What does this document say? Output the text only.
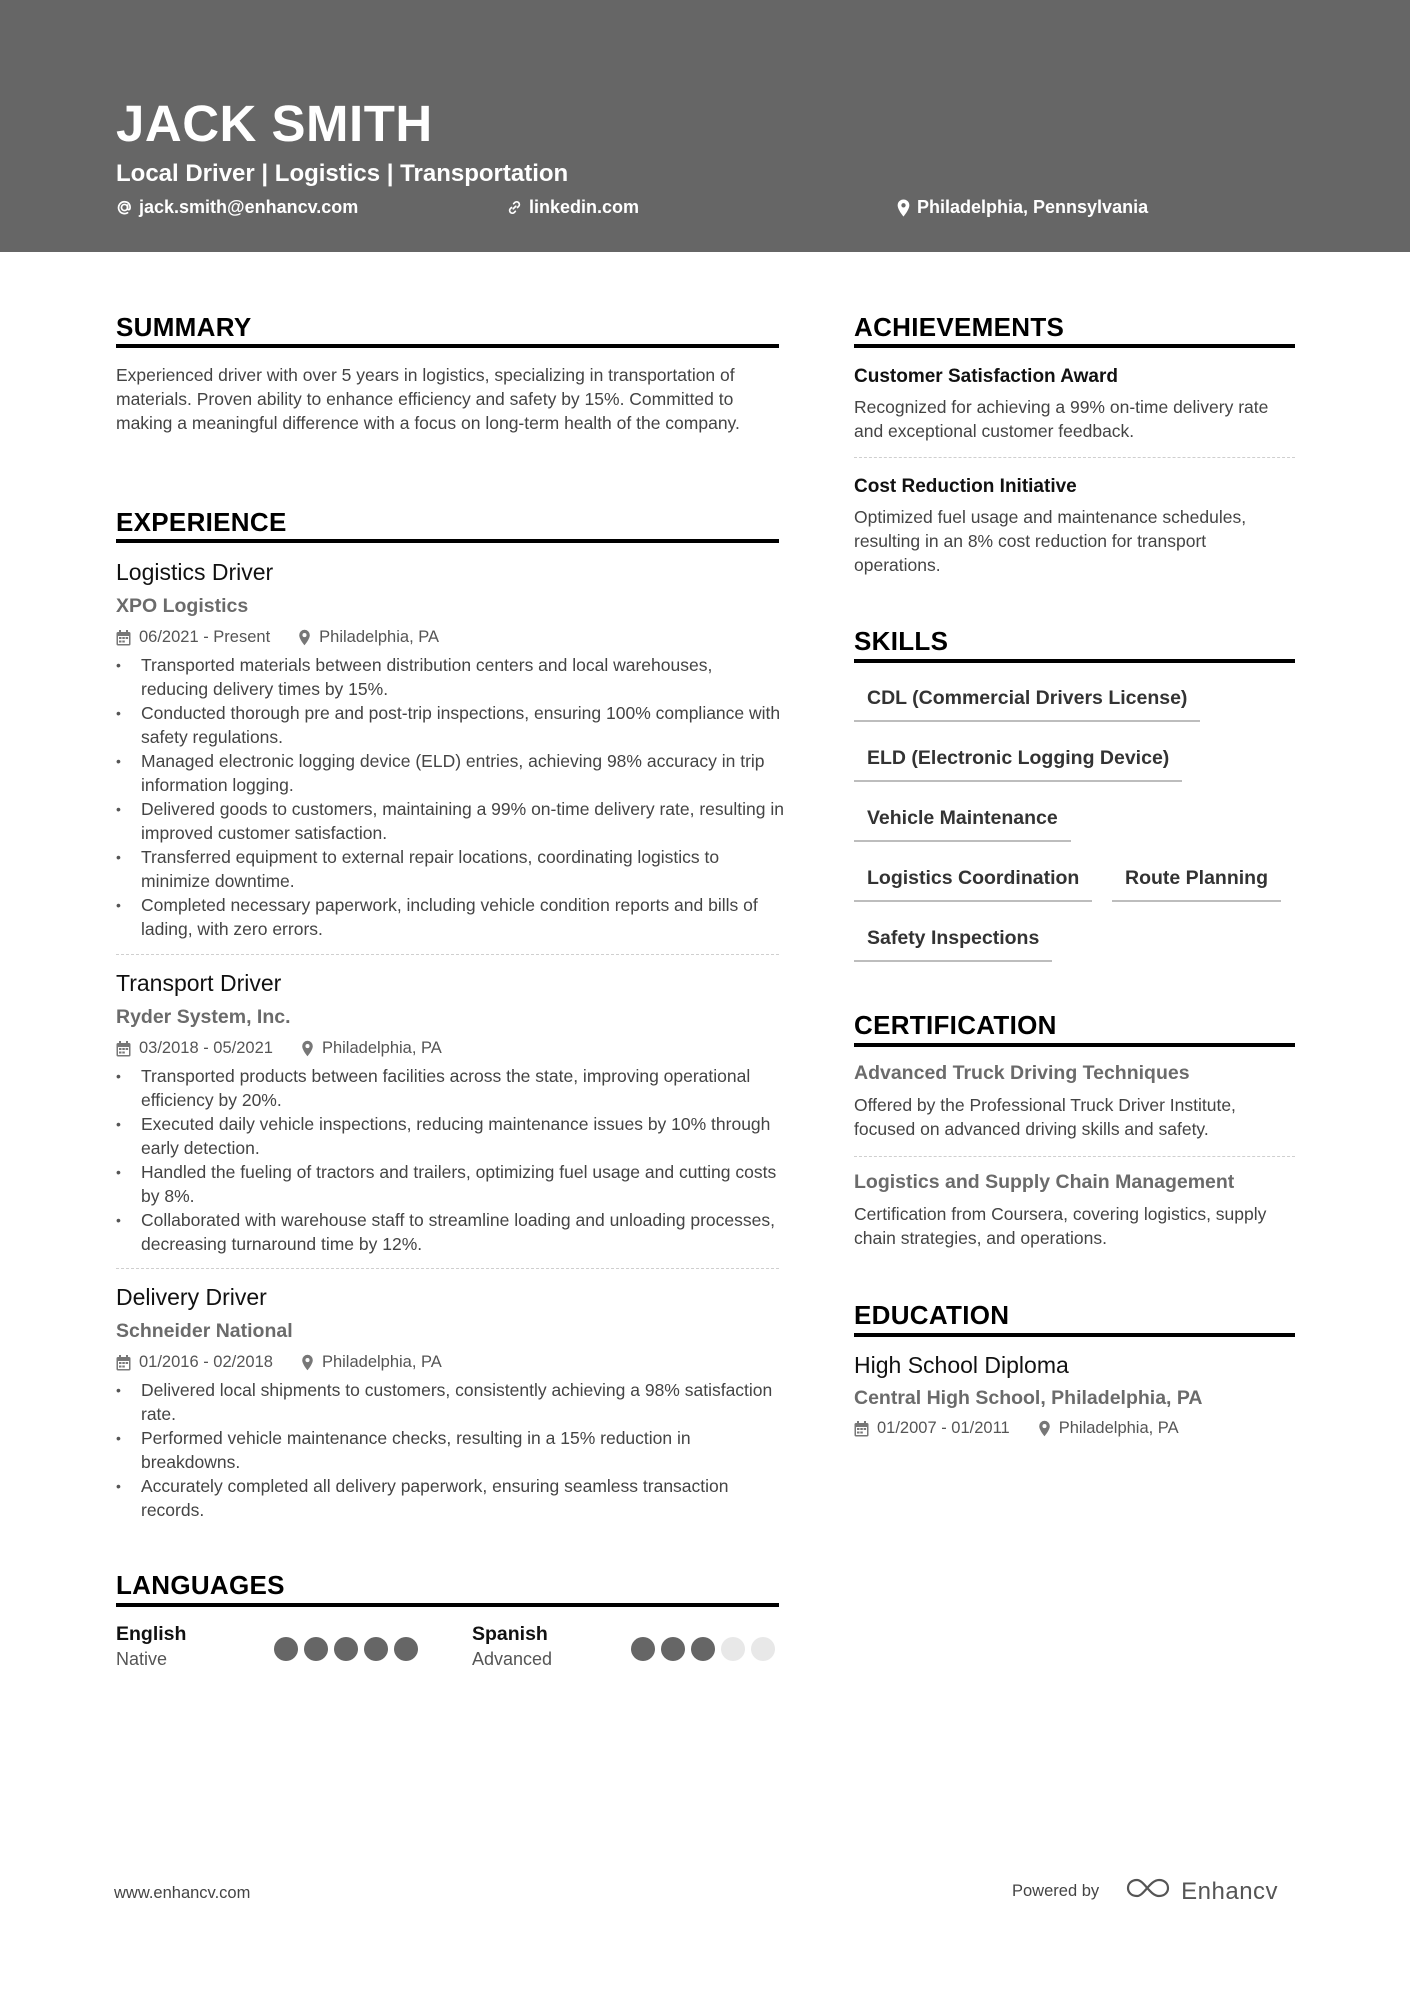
JACK SMITH
Local Driver | Logistics | Transportation
jack.smith@enhancv.com	linkedin.com	Philadelphia, Pennsylvania
SUMMARY
Experienced driver with over 5 years in logistics, specializing in transportation of materials. Proven ability to enhance efficiency and safety by 15%. Committed to making a meaningful difference with a focus on long-term health of the company.
EXPERIENCE
Logistics Driver
XPO Logistics
06/2021 - Present	Philadelphia, PA
• Transported materials between distribution centers and local warehouses, reducing delivery times by 15%.
• Conducted thorough pre and post-trip inspections, ensuring 100% compliance with safety regulations.
• Managed electronic logging device (ELD) entries, achieving 98% accuracy in trip information logging.
• Delivered goods to customers, maintaining a 99% on-time delivery rate, resulting in improved customer satisfaction.
• Transferred equipment to external repair locations, coordinating logistics to minimize downtime.
• Completed necessary paperwork, including vehicle condition reports and bills of lading, with zero errors.
Transport Driver
Ryder System, Inc.
03/2018 - 05/2021	Philadelphia, PA
• Transported products between facilities across the state, improving operational efficiency by 20%.
• Executed daily vehicle inspections, reducing maintenance issues by 10% through early detection.
• Handled the fueling of tractors and trailers, optimizing fuel usage and cutting costs by 8%.
• Collaborated with warehouse staff to streamline loading and unloading processes, decreasing turnaround time by 12%.
Delivery Driver
Schneider National
01/2016 - 02/2018	Philadelphia, PA
• Delivered local shipments to customers, consistently achieving a 98% satisfaction rate.
• Performed vehicle maintenance checks, resulting in a 15% reduction in breakdowns.
• Accurately completed all delivery paperwork, ensuring seamless transaction records.
LANGUAGES
English
Native
Spanish
Advanced
ACHIEVEMENTS
Customer Satisfaction Award
Recognized for achieving a 99% on-time delivery rate and exceptional customer feedback.
Cost Reduction Initiative
Optimized fuel usage and maintenance schedules, resulting in an 8% cost reduction for transport operations.
SKILLS
CDL (Commercial Drivers License)
ELD (Electronic Logging Device)
Vehicle Maintenance
Logistics Coordination	Route Planning
Safety Inspections
CERTIFICATION
Advanced Truck Driving Techniques
Offered by the Professional Truck Driver Institute, focused on advanced driving skills and safety.
Logistics and Supply Chain Management
Certification from Coursera, covering logistics, supply chain strategies, and operations.
EDUCATION
High School Diploma
Central High School, Philadelphia, PA
01/2007 - 01/2011	Philadelphia, PA
www.enhancv.com	Powered by	Enhancv
